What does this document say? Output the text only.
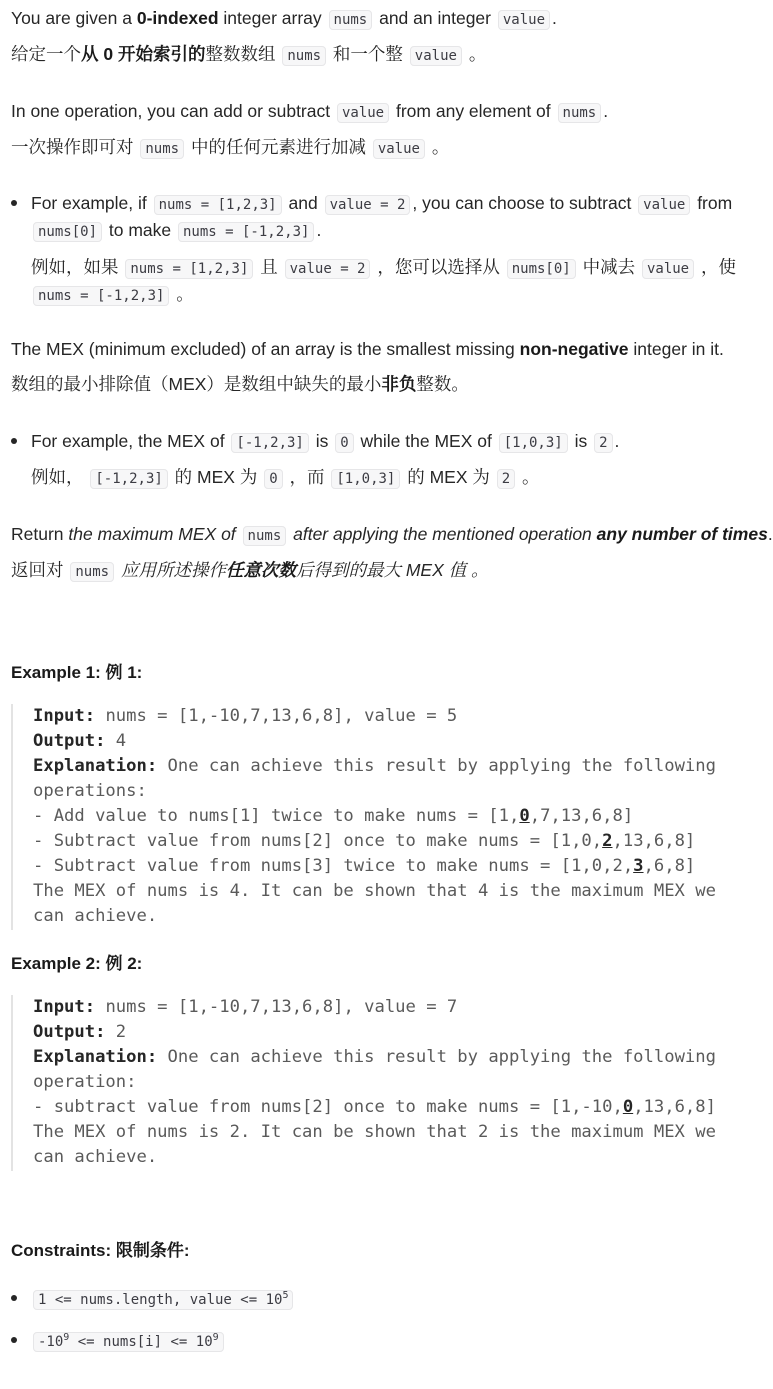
You are given a 0-indexed integer array nums and an integer value .
给定一个从 0 开始索引的整数数组 nums 和一个整 value 。
In one operation, you can add or subtract value from any element of nums .
一次操作即可对 nums 中的任何元素进行加减 value 。
For example, if nums = [1,2,3] and value = 2 , you can choose to subtract value from
nums[0] to make nums = [-1,2,3] .
例如，如果 nums = [1,2,3] 且 value = 2 ，您可以选择从 nums[0] 中减去 value ，使
nums = [-1,2,3] 。
The MEX (minimum excluded) of an array is the smallest missing non-negative integer in it.
数组的最小排除值（MEX）是数组中缺失的最小非负整数。
For example, the MEX of [-1,2,3] is 0 while the MEX of [1,0,3] is 2 .
例如， [-1,2,3] 的 MEX 为 0 ，而 [1,0,3] 的 MEX 为 2 。
Return the maximum MEX of nums after applying the mentioned operation any number of times.
返回对 nums 应用所述操作任意次数后得到的最大 MEX 值 。
Example 1: 例 1:
Input: nums = [1,-10,7,13,6,8], value = 5
Output: 4
Explanation: One can achieve this result by applying the following
operations:
- Add value to nums[1] twice to make nums = [1,0,7,13,6,8]
- Subtract value from nums[2] once to make nums = [1,0,2,13,6,8]
- Subtract value from nums[3] twice to make nums = [1,0,2,3,6,8]
The MEX of nums is 4. It can be shown that 4 is the maximum MEX we
can achieve.
Example 2: 例 2:
Input: nums = [1,-10,7,13,6,8], value = 7
Output: 2
Explanation: One can achieve this result by applying the following
operation:
- subtract value from nums[2] once to make nums = [1,-10,0,13,6,8]
The MEX of nums is 2. It can be shown that 2 is the maximum MEX we
can achieve.
Constraints: 限制条件:
1 <= nums.length, value <= $10^5$
$-10^9$ <= nums[i] <= $10^9$
